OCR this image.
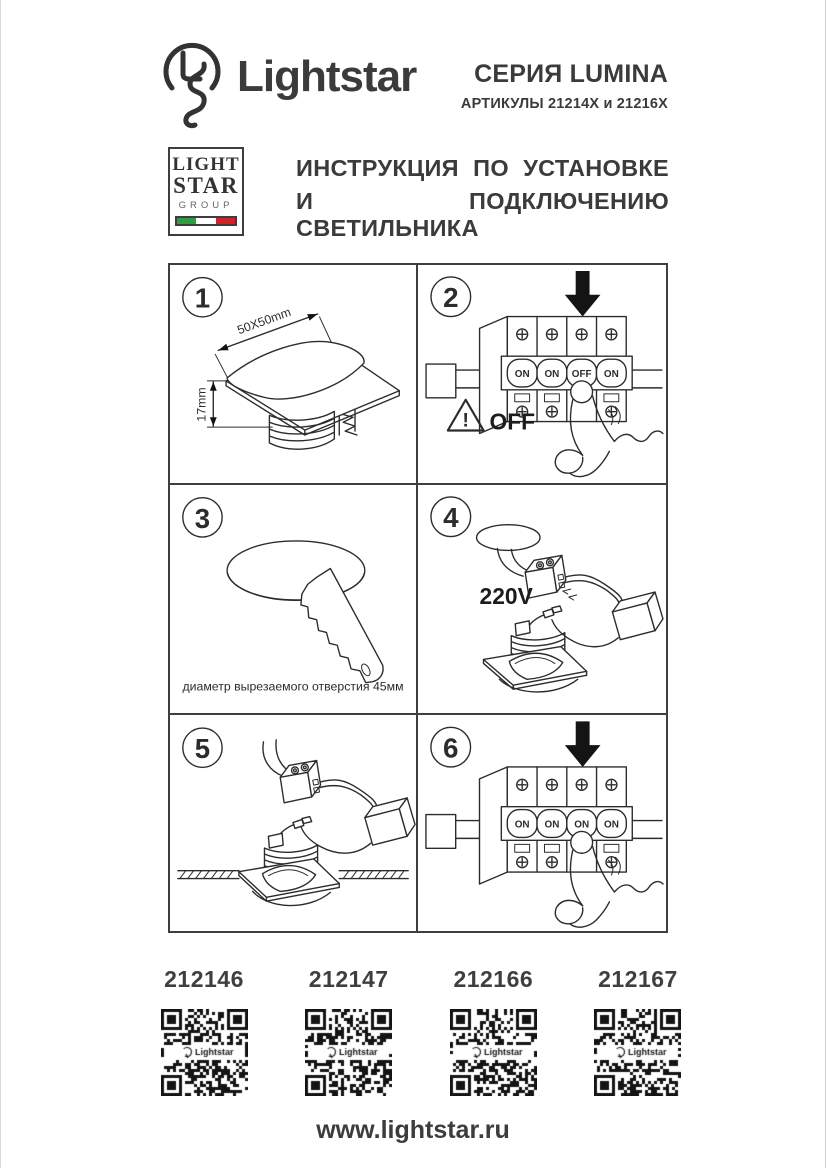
Lightstar	СЕРИЯ LUMINA
АРТИКУЛЫ 21214X и 21216X
LIGHT
STAR
GROUP
ИНСТРУКЦИЯ ПО УСТАНОВКЕ
И ПОДКЛЮЧЕНИЮ СВЕТИЛЬНИКА
1
50X50mm
17mm
2
ON ON OFF ON
! OFF
3
диаметр вырезаемого отверстия 45мм
4
220V
5	6
ON ON ON ON
212146	212147	212166	212167
www.lightstar.ru
